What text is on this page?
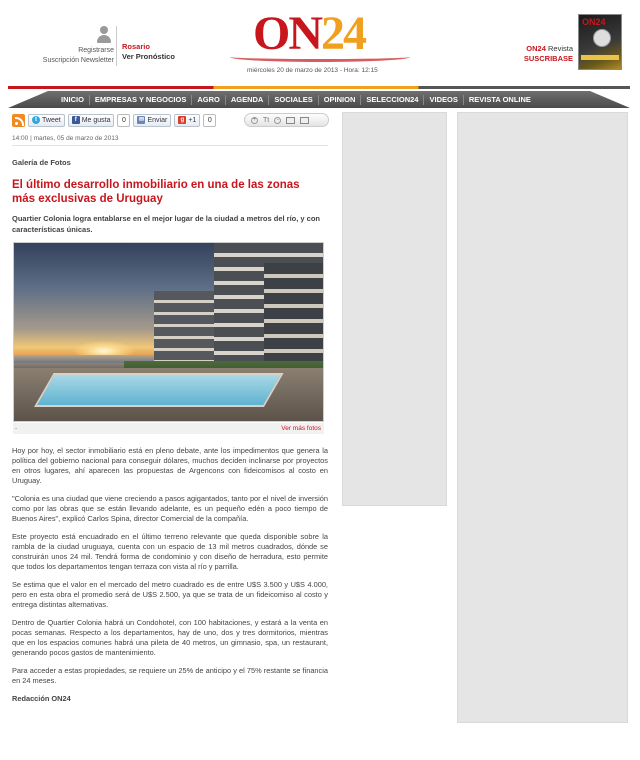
Registrarse
Suscripción Newsletter
Rosario
Ver Pronóstico ON24
miércoles 20 de marzo de 2013 - Hora: 12:15
ON24 Revista
SUSCRIBASE
ON24
INICIO	EMPRESAS Y NEGOCIOS	AGRO	AGENDA	SOCIALES	OPINION	SELECCION24	VIDEOS	REVISTA ONLINE
t Tweet	f Me gusta	0	✉ Enviar	g +1	0	+ Tt	-
14:00 | martes, 05 de marzo de 2013
Galería de Fotos
El último desarrollo inmobiliario en una de las zonas más exclusivas de Uruguay
Quartier Colonia logra entablarse en el mejor lugar de la ciudad a metros del río, y con características únicas.
-	Ver más fotos

Hoy por hoy, el sector inmobiliario está en pleno debate, ante los impedimentos que genera la política del gobierno nacional para conseguir dólares, muchos deciden inclinarse por proyectos en otros lugares, ahí aparecen las propuestas de Argencons con fideicomisos al costo en Uruguay.

"Colonia es una ciudad que viene creciendo a pasos agigantados, tanto por el nivel de inversión como por las obras que se están llevando adelante, es un pequeño edén a poco tiempo de Buenos Aires", explicó Carlos Spina, director Comercial de la compañía.

Este proyecto está encuadrado en el último terreno relevante que queda disponible sobre la rambla de la ciudad uruguaya, cuenta con un espacio de 13 mil metros cuadrados, dónde se construirán unos 24 mil. Tendrá forma de condominio y con diseño de herradura, esto permite que todos los departamentos tengan terraza con vista al río y parrilla.

Se estima que el valor en el mercado del metro cuadrado es de entre U$S 3.500 y U$S 4.000, pero en esta obra el promedio será de U$S 2.500, ya que se trata de un fideicomiso al costo y entrega distintas alternativas.

Dentro de Quartier Colonia habrá un Condohotel, con 100 habitaciones, y estará a la venta en pocas semanas. Respecto a los departamentos, hay de uno, dos y tres dormitorios, mientras que en los espacios comunes habrá una pileta de 40 metros, un gimnasio, spa, un restaurant, generando pocos gastos de mantenimiento.

Para acceder a estas propiedades, se requiere un 25% de anticipo y el 75% restante se financia en 24 meses.

Redacción ON24
